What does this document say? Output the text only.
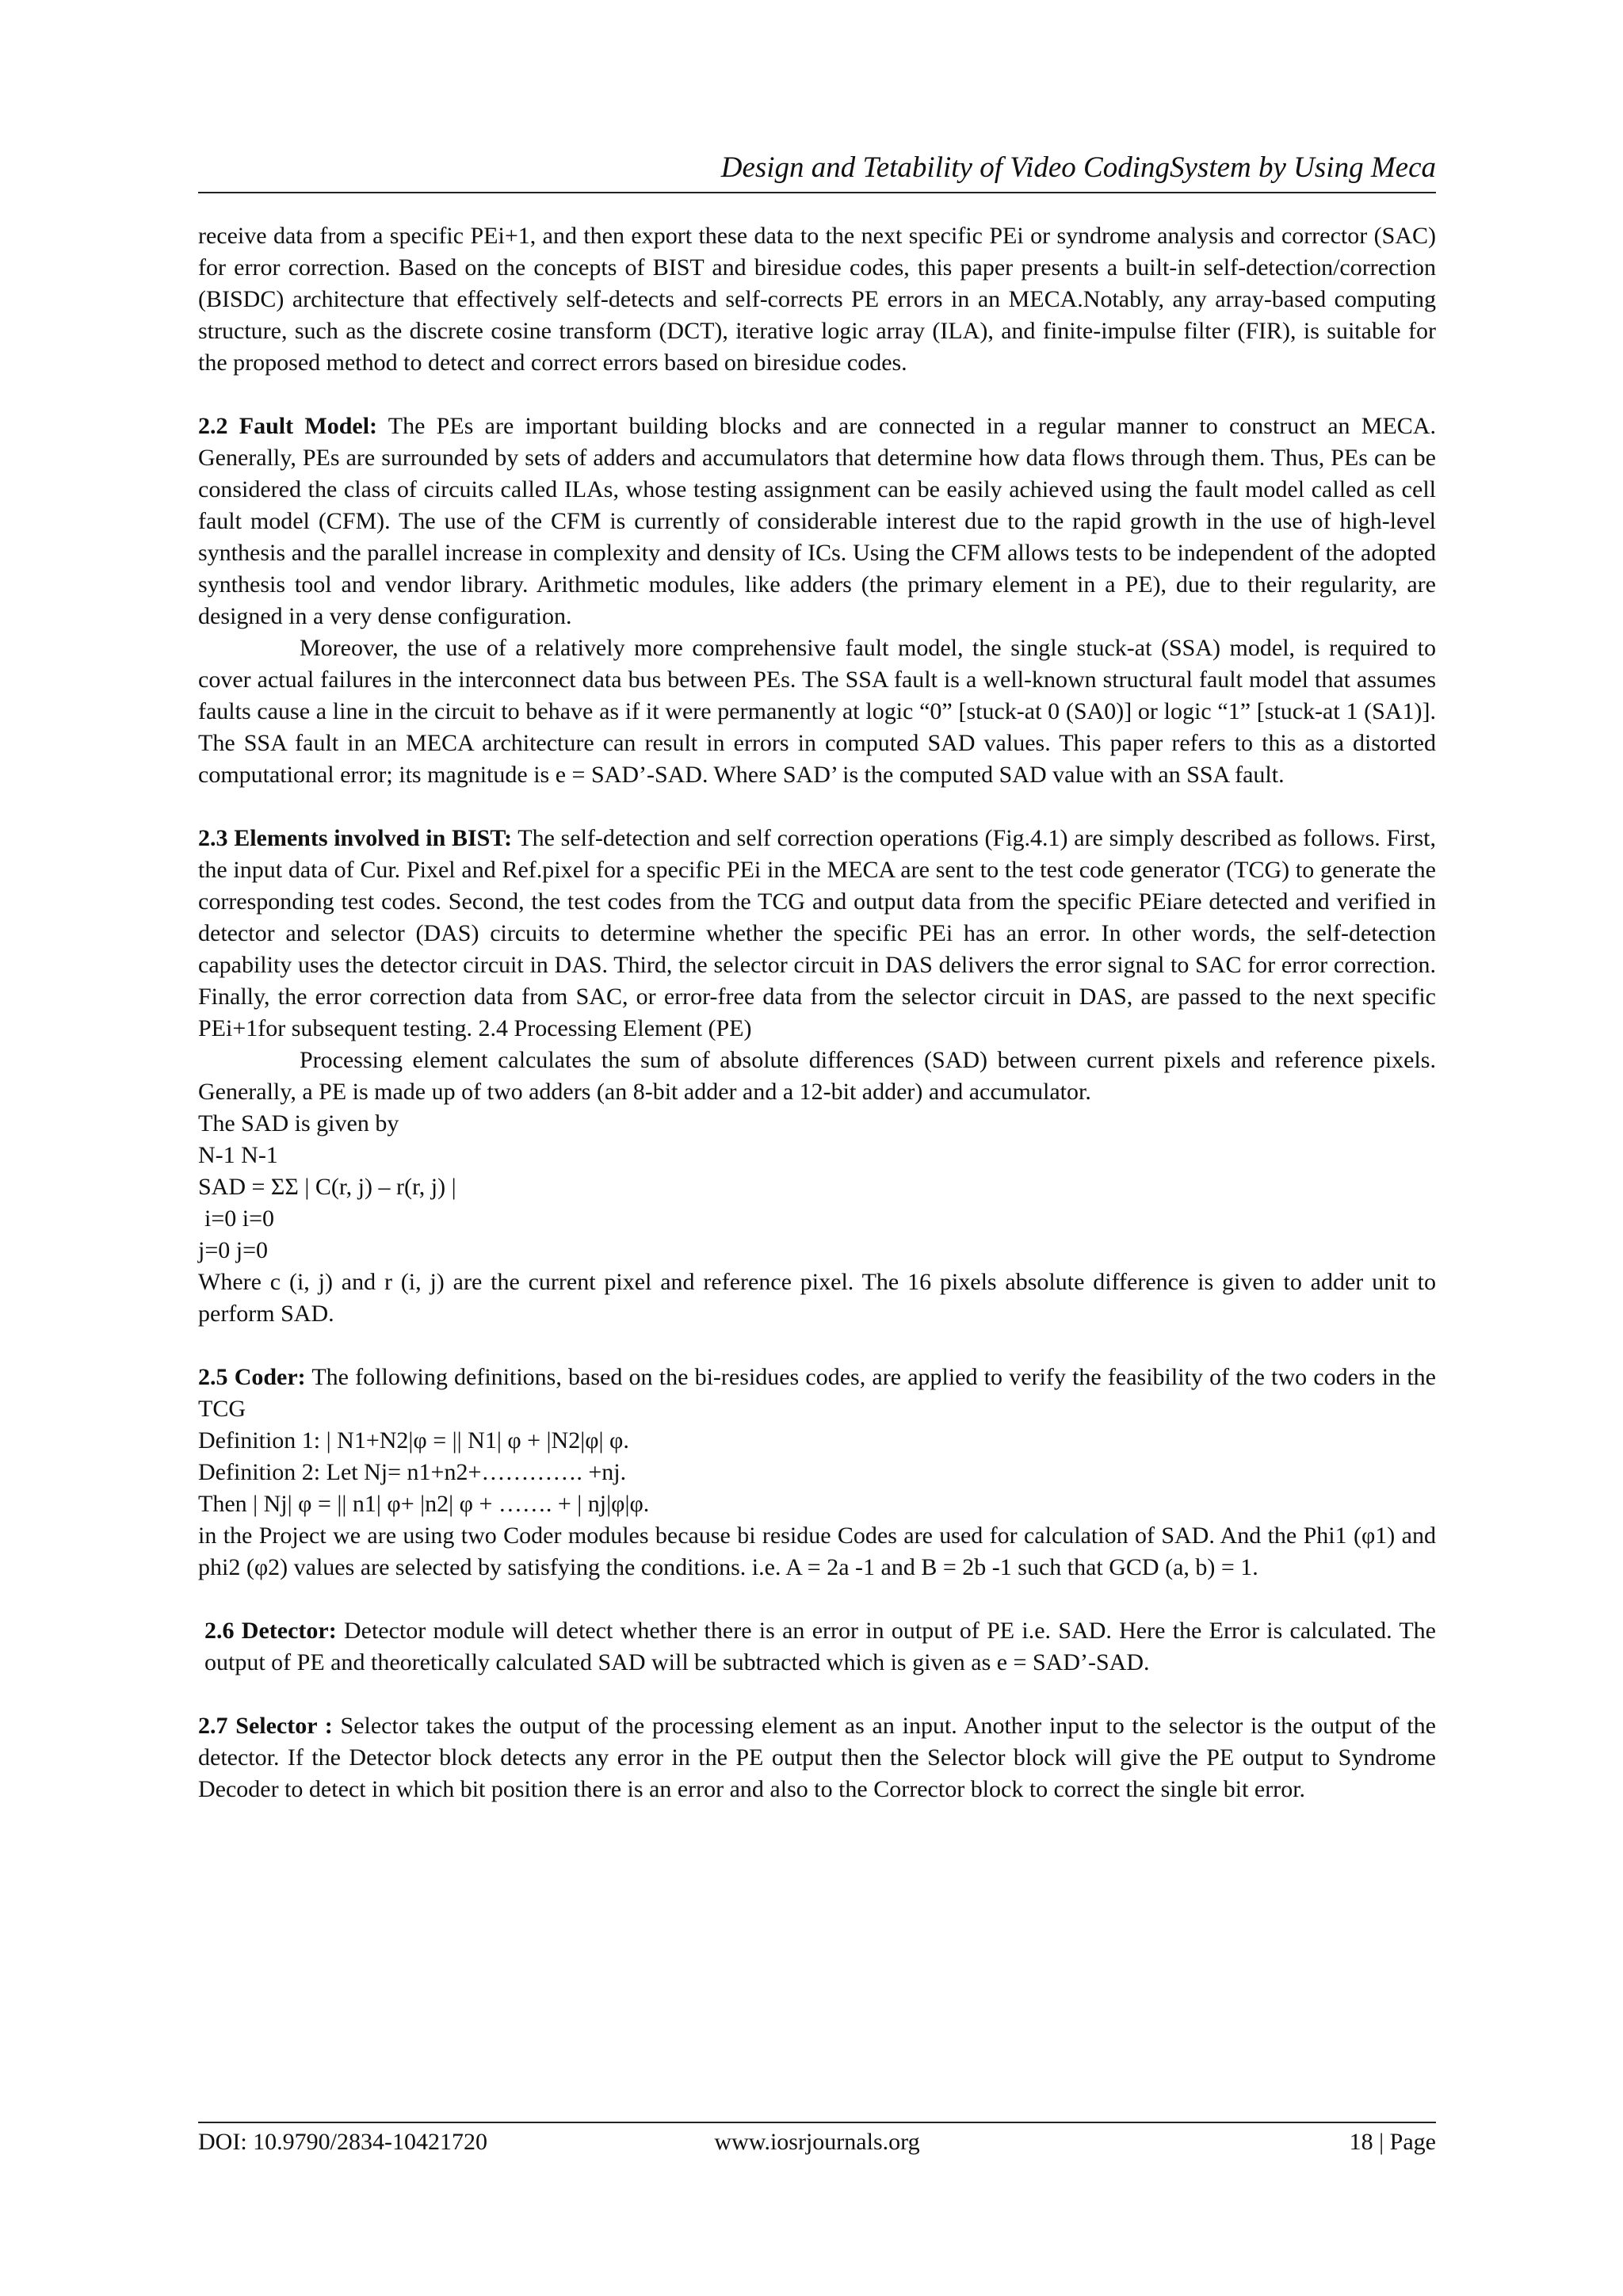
Design and Tetability of Video CodingSystem by Using Meca

receive data from a specific PEi+1, and then export these data to the next specific PEi or syndrome analysis and corrector (SAC) for error correction. Based on the concepts of BIST and biresidue codes, this paper presents a built-in self-detection/correction (BISDC) architecture that effectively self-detects and self-corrects PE errors in an MECA.Notably, any array-based computing structure, such as the discrete cosine transform (DCT), iterative logic array (ILA), and finite-impulse filter (FIR), is suitable for the proposed method to detect and correct errors based on biresidue codes.

2.2 Fault Model: The PEs are important building blocks and are connected in a regular manner to construct an MECA. Generally, PEs are surrounded by sets of adders and accumulators that determine how data flows through them. Thus, PEs can be considered the class of circuits called ILAs, whose testing assignment can be easily achieved using the fault model called as cell fault model (CFM). The use of the CFM is currently of considerable interest due to the rapid growth in the use of high-level synthesis and the parallel increase in complexity and density of ICs. Using the CFM allows tests to be independent of the adopted synthesis tool and vendor library. Arithmetic modules, like adders (the primary element in a PE), due to their regularity, are designed in a very dense configuration.

Moreover, the use of a relatively more comprehensive fault model, the single stuck-at (SSA) model, is required to cover actual failures in the interconnect data bus between PEs. The SSA fault is a well-known structural fault model that assumes faults cause a line in the circuit to behave as if it were permanently at logic “0” [stuck-at 0 (SA0)] or logic “1” [stuck-at 1 (SA1)]. The SSA fault in an MECA architecture can result in errors in computed SAD values. This paper refers to this as a distorted computational error; its magnitude is e = SAD’-SAD. Where SAD’ is the computed SAD value with an SSA fault.

2.3 Elements involved in BIST: The self-detection and self correction operations (Fig.4.1) are simply described as follows. First, the input data of Cur. Pixel and Ref.pixel for a specific PEi in the MECA are sent to the test code generator (TCG) to generate the corresponding test codes. Second, the test codes from the TCG and output data from the specific PEiare detected and verified in detector and selector (DAS) circuits to determine whether the specific PEi has an error. In other words, the self-detection capability uses the detector circuit in DAS. Third, the selector circuit in DAS delivers the error signal to SAC for error correction. Finally, the error correction data from SAC, or error-free data from the selector circuit in DAS, are passed to the next specific PEi+1for subsequent testing. 2.4 Processing Element (PE)

Processing element calculates the sum of absolute differences (SAD) between current pixels and reference pixels. Generally, a PE is made up of two adders (an 8-bit adder and a 12-bit adder) and accumulator.

The SAD is given by

N-1 N-1

SAD = ΣΣ | C(r, j) – r(r, j) |

i=0 i=0

j=0 j=0

Where c (i, j) and r (i, j) are the current pixel and reference pixel. The 16 pixels absolute difference is given to adder unit to perform SAD.

2.5 Coder: The following definitions, based on the bi-residues codes, are applied to verify the feasibility of the two coders in the TCG

Definition 1: | N1+N2|φ = || N1| φ + |N2|φ| φ.

Definition 2: Let Nj= n1+n2+…………. +nj.

Then | Nj| φ = || n1| φ+ |n2| φ + ……. + | nj|φ|φ.

in the Project we are using two Coder modules because bi residue Codes are used for calculation of SAD. And the Phi1 (φ1) and phi2 (φ2) values are selected by satisfying the conditions. i.e. A = 2a -1 and B = 2b -1 such that GCD (a, b) = 1.

2.6 Detector: Detector module will detect whether there is an error in output of PE i.e. SAD. Here the Error is calculated. The output of PE and theoretically calculated SAD will be subtracted which is given as e = SAD’-SAD.

2.7 Selector : Selector takes the output of the processing element as an input. Another input to the selector is the output of the detector. If the Detector block detects any error in the PE output then the Selector block will give the PE output to Syndrome Decoder to detect in which bit position there is an error and also to the Corrector block to correct the single bit error.

DOI: 10.9790/2834-10421720	www.iosrjournals.org	18 | Page
